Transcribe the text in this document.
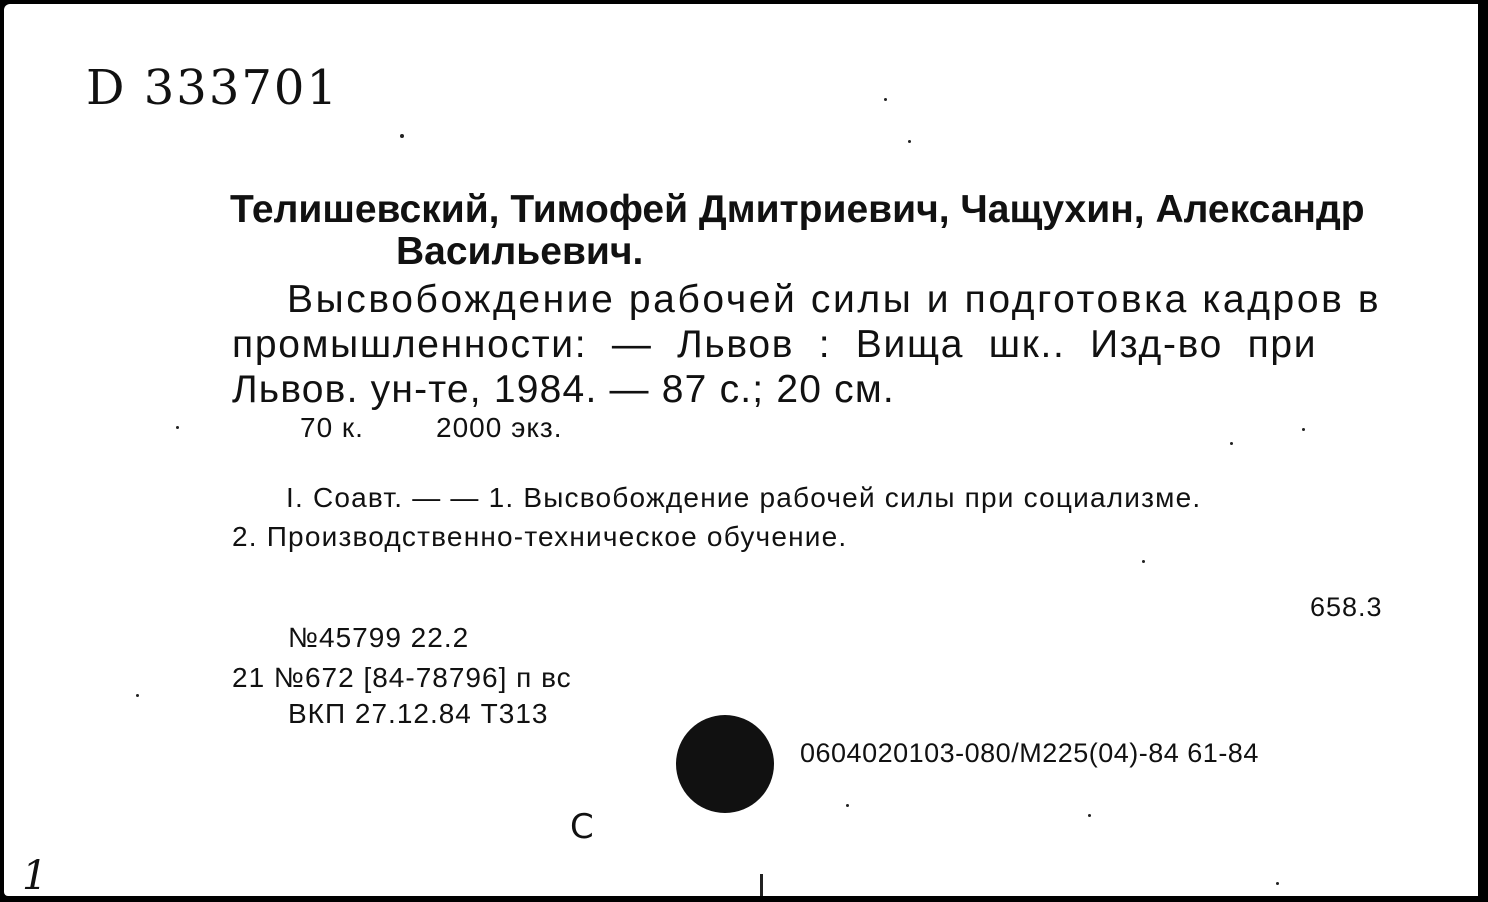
D 333701
Телишевский, Тимофей Дмитриевич, Чащухин, Александр
Васильевич.
Высвобождение рабочей силы и подготовка кадров в
промышленности: — Львов : Вища шк.. Изд-во при
Львов. ун-те, 1984. — 87 с.; 20 см.
70 к.	2000 экз.
I. Соавт. — — 1. Высвобождение рабочей силы при социализме.
2. Производственно-техническое обучение.
658.3
№45799 22.2
21 №672 [84-78796] п вс
ВКП 27.12.84 Т313
0604020103-080/М225(04)-84 61-84
С
1
